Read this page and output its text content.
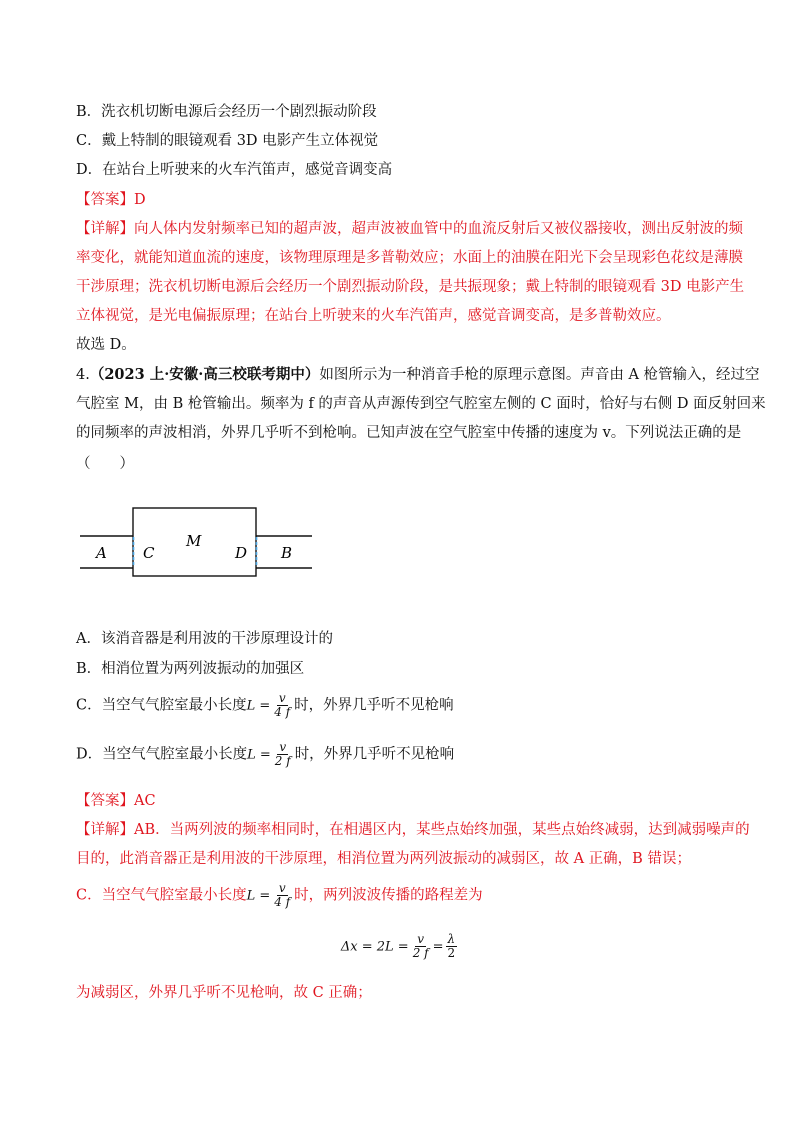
B．洗衣机切断电源后会经历一个剧烈振动阶段
C．戴上特制的眼镜观看 3D 电影产生立体视觉
D．在站台上听驶来的火车汽笛声，感觉音调变高
【答案】D
【详解】向人体内发射频率已知的超声波，超声波被血管中的血流反射后又被仪器接收，测出反射波的频
率变化，就能知道血流的速度，该物理原理是多普勒效应；水面上的油膜在阳光下会呈现彩色花纹是薄膜
干涉原理；洗衣机切断电源后会经历一个剧烈振动阶段，是共振现象；戴上特制的眼镜观看 3D 电影产生
立体视觉，是光电偏振原理；在站台上听驶来的火车汽笛声，感觉音调变高，是多普勒效应。
故选 D。
4.（2023 上·安徽·高三校联考期中）如图所示为一种消音手枪的原理示意图。声音由 A 枪管输入，经过空
气腔室 M，由 B 枪管输出。频率为 f 的声音从声源传到空气腔室左侧的 C 面时，恰好与右侧 D 面反射回来
的同频率的声波相消，外界几乎听不到枪响。已知声波在空气腔室中传播的速度为 v。下列说法正确的是
（　　）
A C
M
D B
A．该消音器是利用波的干涉原理设计的
B．相消位置为两列波振动的加强区
C．当空气气腔室最小长度$L = \frac{v}{4 f}$ 时，外界几乎听不见枪响
D．当空气气腔室最小长度$L = \frac{v}{2 f}$ 时，外界几乎听不见枪响
【答案】AC
【详解】AB．当两列波的频率相同时，在相遇区内，某些点始终加强，某些点始终减弱，达到减弱噪声的
目的，此消音器正是利用波的干涉原理，相消位置为两列波振动的减弱区，故 A 正确，B 错误；
C．当空气气腔室最小长度$L = \frac{v}{4 f}$ 时，两列波波传播的路程差为
$\Delta x = 2L = \frac{v}{2 f} = \frac{\lambda}{2}$
为减弱区，外界几乎听不见枪响，故 C 正确；
